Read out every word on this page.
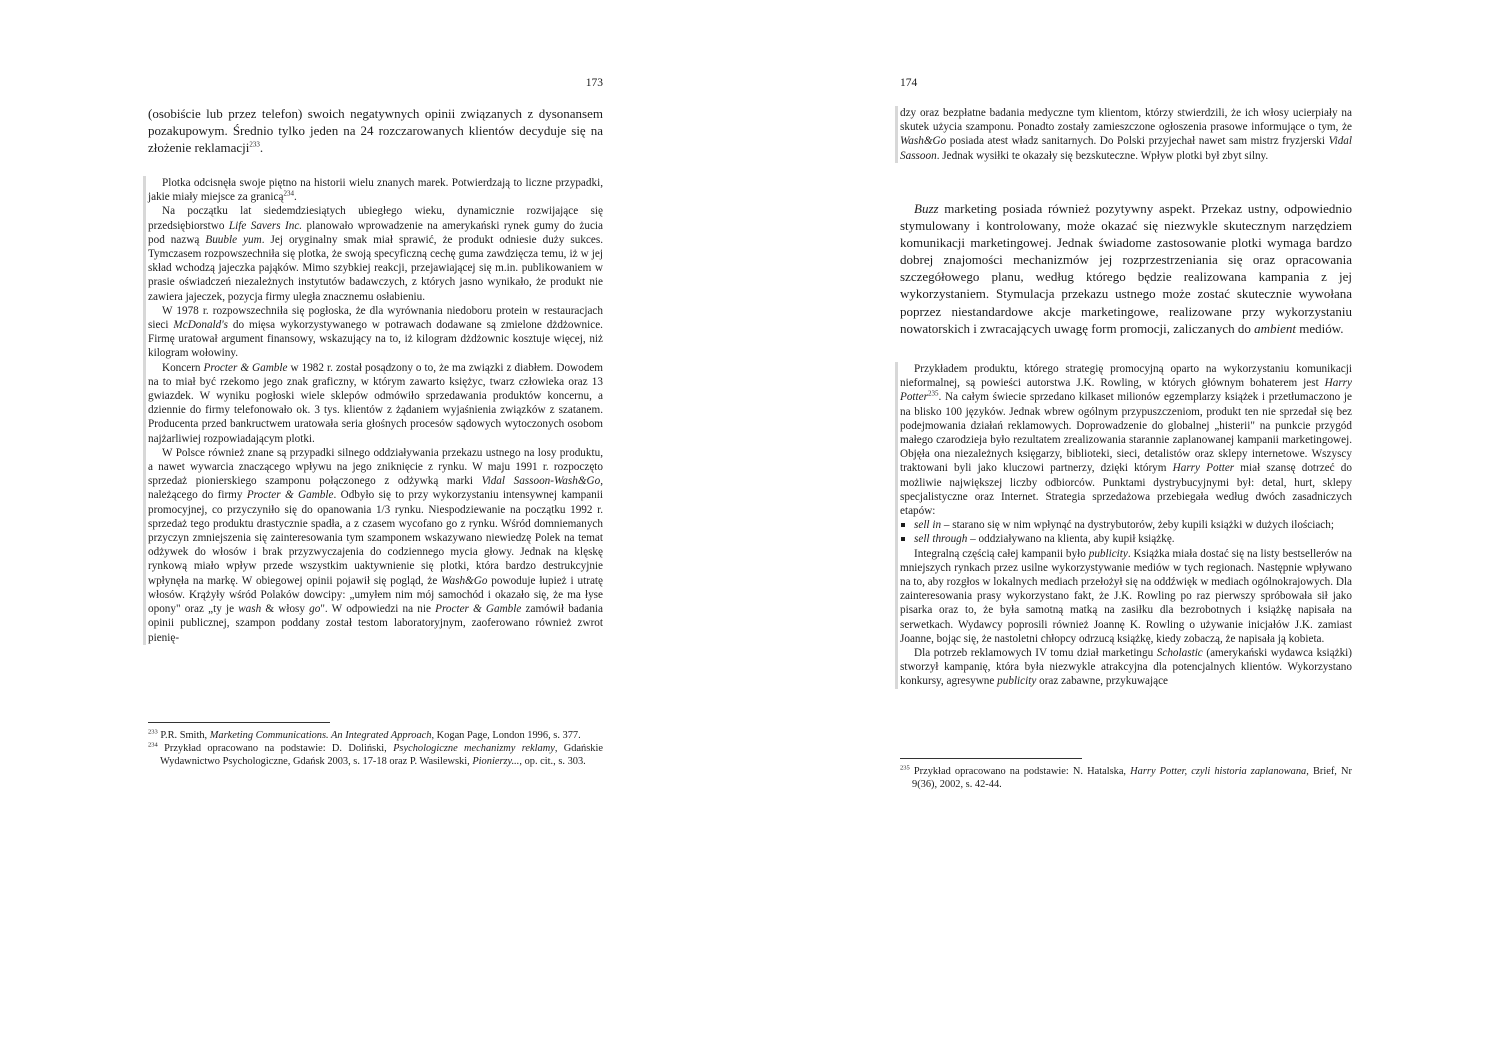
173

(osobiście lub przez telefon) swoich negatywnych opinii związanych z dysonansem pozakupowym. Średnio tylko jeden na 24 rozczarowanych klientów decyduje się na złożenie reklamacji$^{233}$.

Plotka odcisnęła swoje piętno na historii wielu znanych marek. Potwierdzają to liczne przypadki, jakie miały miejsce za granicą$^{234}$.

Na początku lat siedemdziesiątych ubiegłego wieku, dynamicznie rozwijające się przedsiębiorstwo Life Savers Inc. planowało wprowadzenie na amerykański rynek gumy do żucia pod nazwą Buuble yum. Jej oryginalny smak miał sprawić, że produkt odniesie duży sukces. Tymczasem rozpowszechniła się plotka, że swoją specyficzną cechę guma zawdzięcza temu, iż w jej skład wchodzą jajeczka pająków. Mimo szybkiej reakcji, przejawiającej się m.in. publikowaniem w prasie oświadczeń niezależnych instytutów badawczych, z których jasno wynikało, że produkt nie zawiera jajeczek, pozycja firmy uległa znacznemu osłabieniu.

W 1978 r. rozpowszechniła się pogłoska, że dla wyrównania niedoboru protein w restauracjach sieci McDonald's do mięsa wykorzystywanego w potrawach dodawane są zmielone dżdżownice. Firmę uratował argument finansowy, wskazujący na to, iż kilogram dżdżownic kosztuje więcej, niż kilogram wołowiny.

Koncern Procter & Gamble w 1982 r. został posądzony o to, że ma związki z diabłem. Dowodem na to miał być rzekomo jego znak graficzny, w którym zawarto księżyc, twarz człowieka oraz 13 gwiazdek. W wyniku pogłoski wiele sklepów odmówiło sprzedawania produktów koncernu, a dziennie do firmy telefonowało ok. 3 tys. klientów z żądaniem wyjaśnienia związków z szatanem. Producenta przed bankructwem uratowała seria głośnych procesów sądowych wytoczonych osobom najżarliwiej rozpowiadającym plotki.

W Polsce również znane są przypadki silnego oddziaływania przekazu ustnego na losy produktu, a nawet wywarcia znaczącego wpływu na jego zniknięcie z rynku. W maju 1991 r. rozpoczęto sprzedaż pionierskiego szamponu połączonego z odżywką marki Vidal Sassoon-Wash&Go, należącego do firmy Procter & Gamble. Odbyło się to przy wykorzystaniu intensywnej kampanii promocyjnej, co przyczyniło się do opanowania 1/3 rynku. Niespodziewanie na początku 1992 r. sprzedaż tego produktu drastycznie spadła, a z czasem wycofano go z rynku. Wśród domniemanych przyczyn zmniejszenia się zainteresowania tym szamponem wskazywano niewiedzę Polek na temat odżywek do włosów i brak przyzwyczajenia do codziennego mycia głowy. Jednak na klęskę rynkową miało wpływ przede wszystkim uaktywnienie się plotki, która bardzo destrukcyjnie wpłynęła na markę. W obiegowej opinii pojawił się pogląd, że Wash&Go powoduje łupież i utratę włosów. Krążyły wśród Polaków dowcipy: „umyłem nim mój samochód i okazało się, że ma łyse opony" oraz „ty je wash & włosy go". W odpowiedzi na nie Procter & Gamble zamówił badania opinii publicznej, szampon poddany został testom laboratoryjnym, zaoferowano również zwrot pienię-

$^{233}$ P.R. Smith, Marketing Communications. An Integrated Approach, Kogan Page, London 1996, s. 377.

$^{234}$ Przykład opracowano na podstawie: D. Doliński, Psychologiczne mechanizmy reklamy, Gdańskie Wydawnictwo Psychologiczne, Gdańsk 2003, s. 17-18 oraz P. Wasilewski, Pionierzy..., op. cit., s. 303.

174

dzy oraz bezpłatne badania medyczne tym klientom, którzy stwierdzili, że ich włosy ucierpiały na skutek użycia szamponu. Ponadto zostały zamieszczone ogłoszenia prasowe informujące o tym, że Wash&Go posiada atest władz sanitarnych. Do Polski przyjechał nawet sam mistrz fryzjerski Vidal Sassoon. Jednak wysiłki te okazały się bezskuteczne. Wpływ plotki był zbyt silny.

Buzz marketing posiada również pozytywny aspekt. Przekaz ustny, odpowiednio stymulowany i kontrolowany, może okazać się niezwykle skutecznym narzędziem komunikacji marketingowej. Jednak świadome zastosowanie plotki wymaga bardzo dobrej znajomości mechanizmów jej rozprzestrzeniania się oraz opracowania szczegółowego planu, według którego będzie realizowana kampania z jej wykorzystaniem. Stymulacja przekazu ustnego może zostać skutecznie wywołana poprzez niestandardowe akcje marketingowe, realizowane przy wykorzystaniu nowatorskich i zwracających uwagę form promocji, zaliczanych do ambient mediów.

Przykładem produktu, którego strategię promocyjną oparto na wykorzystaniu komunikacji nieformalnej, są powieści autorstwa J.K. Rowling, w których głównym bohaterem jest Harry Potter$^{235}$. Na całym świecie sprzedano kilkaset milionów egzemplarzy książek i przetłumaczono je na blisko 100 języków. Jednak wbrew ogólnym przypuszczeniom, produkt ten nie sprzedał się bez podejmowania działań reklamowych. Doprowadzenie do globalnej „histerii" na punkcie przygód małego czarodzieja było rezultatem zrealizowania starannie zaplanowanej kampanii marketingowej. Objęła ona niezależnych księgarzy, biblioteki, sieci, detalistów oraz sklepy internetowe. Wszyscy traktowani byli jako kluczowi partnerzy, dzięki którym Harry Potter miał szansę dotrzeć do możliwie największej liczby odbiorców. Punktami dystrybucyjnymi był: detal, hurt, sklepy specjalistyczne oraz Internet. Strategia sprzedażowa przebiegała według dwóch zasadniczych etapów:

sell in – starano się w nim wpłynąć na dystrybutorów, żeby kupili książki w dużych ilościach;
sell through – oddziaływano na klienta, aby kupił książkę.

Integralną częścią całej kampanii było publicity. Książka miała dostać się na listy bestsellerów na mniejszych rynkach przez usilne wykorzystywanie mediów w tych regionach. Następnie wpływano na to, aby rozgłos w lokalnych mediach przełożył się na oddźwięk w mediach ogólnokrajowych. Dla zainteresowania prasy wykorzystano fakt, że J.K. Rowling po raz pierwszy spróbowała sił jako pisarka oraz to, że była samotną matką na zasiłku dla bezrobotnych i książkę napisała na serwetkach. Wydawcy poprosili również Joannę K. Rowling o używanie inicjałów J.K. zamiast Joanne, bojąc się, że nastoletni chłopcy odrzucą książkę, kiedy zobaczą, że napisała ją kobieta.

Dla potrzeb reklamowych IV tomu dział marketingu Scholastic (amerykański wydawca książki) stworzył kampanię, która była niezwykle atrakcyjna dla potencjalnych klientów. Wykorzystano konkursy, agresywne publicity oraz zabawne, przykuwające

$^{235}$ Przykład opracowano na podstawie: N. Hatalska, Harry Potter, czyli historia zaplanowana, Brief, Nr 9(36), 2002, s. 42-44.
